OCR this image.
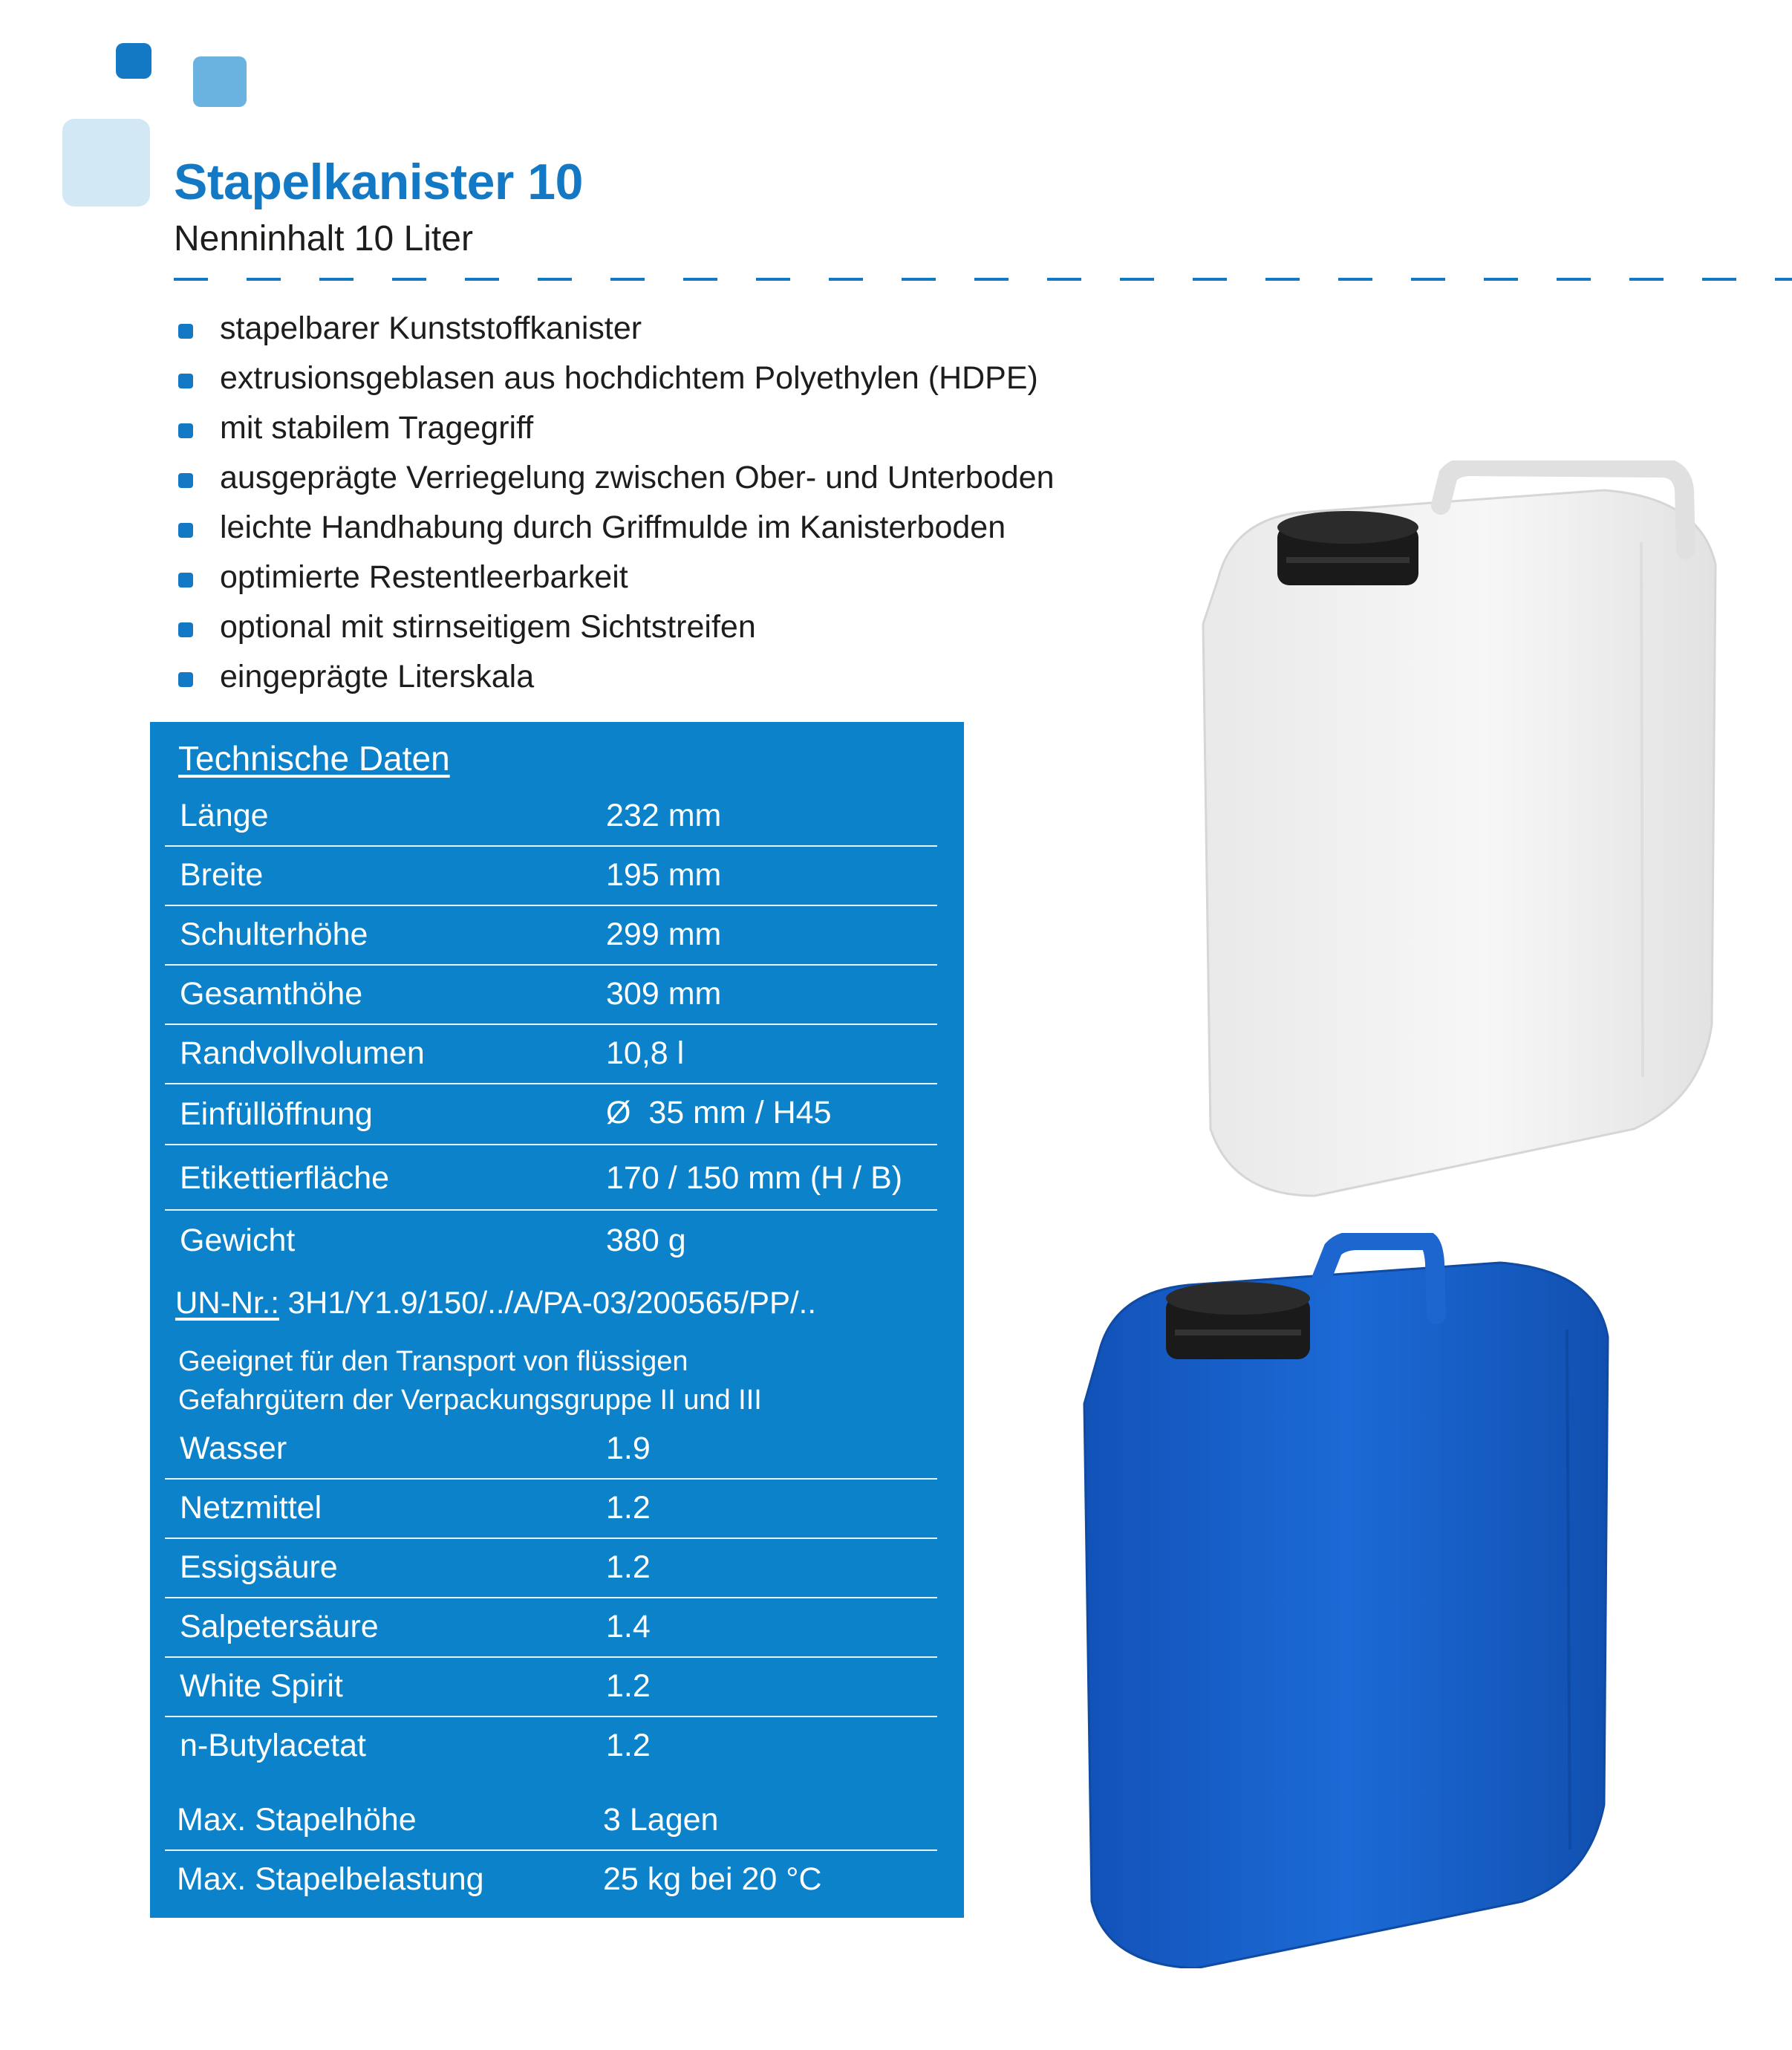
Stapelkanister 10
Nenninhalt 10 Liter
stapelbarer Kunststoffkanister
extrusionsgeblasen aus hochdichtem Polyethylen (HDPE)
mit stabilem Tragegriff
ausgeprägte Verriegelung zwischen Ober- und Unterboden
leichte Handhabung durch Griffmulde im Kanisterboden
optimierte Restentleerbarkeit
optional mit stirnseitigem Sichtstreifen
eingeprägte Literskala
Technische Daten
Länge	232 mm
Breite	195 mm
Schulterhöhe	299 mm
Gesamthöhe	309 mm
Randvollvolumen	10,8 l
Einfüllöffnung	Ø  35 mm / H45
Etikettierfläche	170 / 150 mm (H / B)
Gewicht	380 g
UN-Nr.: 3H1/Y1.9/150/../A/PA-03/200565/PP/..
Geeignet für den Transport von flüssigen Gefahrgütern der Verpackungsgruppe II und III
Wasser	1.9
Netzmittel	1.2
Essigsäure	1.2
Salpetersäure	1.4
White Spirit	1.2
n-Butylacetat	1.2
Max. Stapelhöhe	3 Lagen
Max. Stapelbelastung	25 kg bei 20 °C
